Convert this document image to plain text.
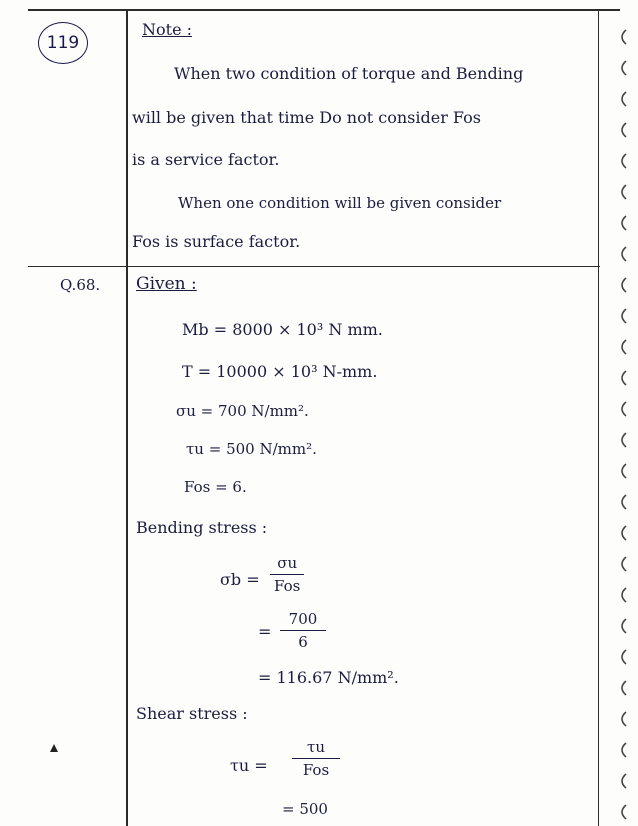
119
Note :
When two condition of torque and Bending
will be given that time Do not consider Fos
is a service factor.
When one condition will be given consider
Fos is surface factor.
Q.68. Given :
Mb = 8000 × 10³ N mm.
T = 10000 × 10³ N-mm.
σu = 700 N/mm².
τu = 500 N/mm².
Fos = 6.
Bending stress :
σb =
σu
Fos
=
700
6
= 116.67 N/mm².
Shear stress :
τu =
τu
Fos
= 500
